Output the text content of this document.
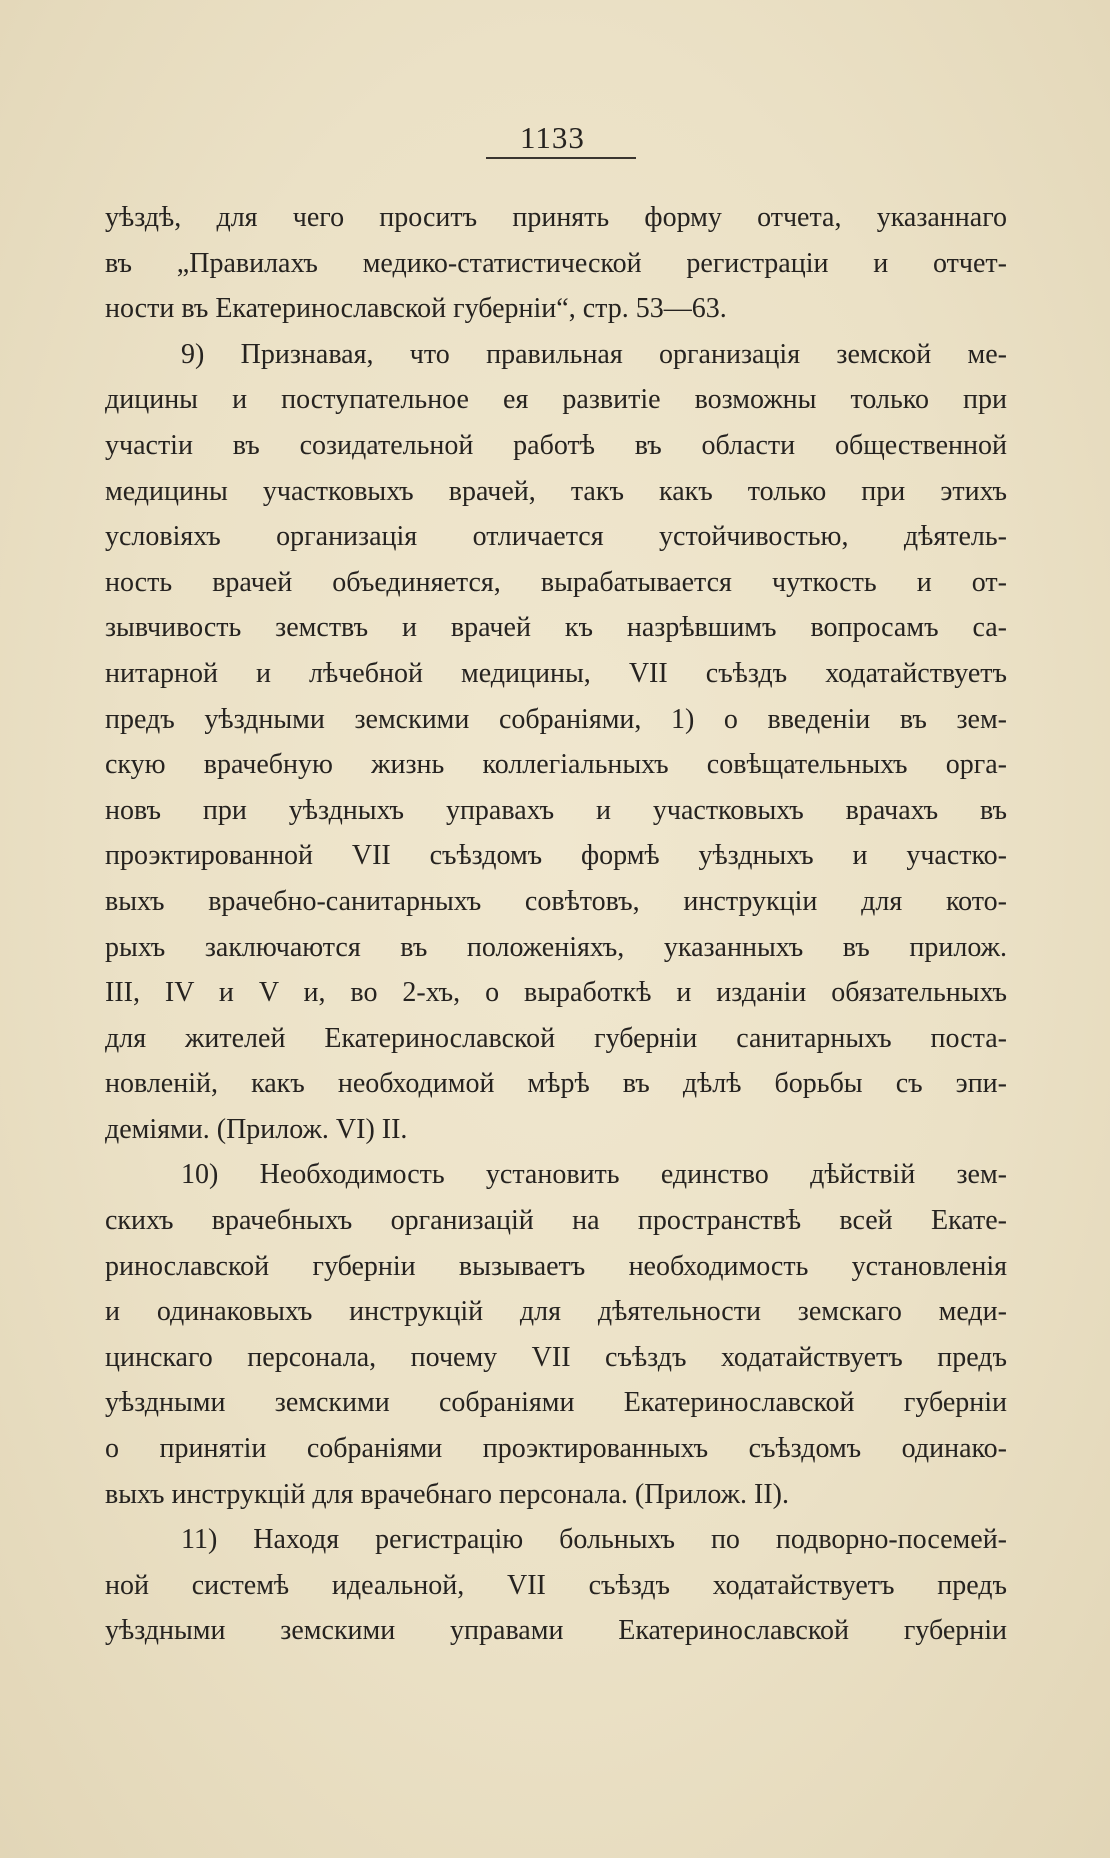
1133
уѣздѣ, для чего проситъ принять форму отчета, указаннаго
въ „Правилахъ медико-статистической регистраціи и отчет-
ности въ Екатеринославской губерніи“, стр. 53—63.
9) Признавая, что правильная организація земской ме-
дицины и поступательное ея развитіе возможны только при
участіи въ созидательной работѣ въ области общественной
медицины участковыхъ врачей, такъ какъ только при этихъ
условіяхъ организація отличается устойчивостью, дѣятель-
ность врачей объединяется, вырабатывается чуткость и от-
зывчивость земствъ и врачей къ назрѣвшимъ вопросамъ са-
нитарной и лѣчебной медицины, VII съѣздъ ходатайствуетъ
предъ уѣздными земскими собраніями, 1) о введеніи въ зем-
скую врачебную жизнь коллегіальныхъ совѣщательныхъ орга-
новъ при уѣздныхъ управахъ и участковыхъ врачахъ въ
проэктированной VII съѣздомъ формѣ уѣздныхъ и участко-
выхъ врачебно-санитарныхъ совѣтовъ, инструкціи для кото-
рыхъ заключаются въ положеніяхъ, указанныхъ въ прилож.
III, IV и V и, во 2-хъ, о выработкѣ и изданіи обязательныхъ
для жителей Екатеринославской губерніи санитарныхъ поста-
новленій, какъ необходимой мѣрѣ въ дѣлѣ борьбы съ эпи-
деміями. (Прилож. VI) II.
10) Необходимость установить единство дѣйствій зем-
скихъ врачебныхъ организацій на пространствѣ всей Екате-
ринославской губерніи вызываетъ необходимость установленія
и одинаковыхъ инструкцій для дѣятельности земскаго меди-
цинскаго персонала, почему VII съѣздъ ходатайствуетъ предъ
уѣздными земскими собраніями Екатеринославской губерніи
о принятіи собраніями проэктированныхъ съѣздомъ одинако-
выхъ инструкцій для врачебнаго персонала. (Прилож. II).
11) Находя регистрацію больныхъ по подворно-посемей-
ной системѣ идеальной, VII съѣздъ ходатайствуетъ предъ
уѣздными земскими управами Екатеринославской губерніи
